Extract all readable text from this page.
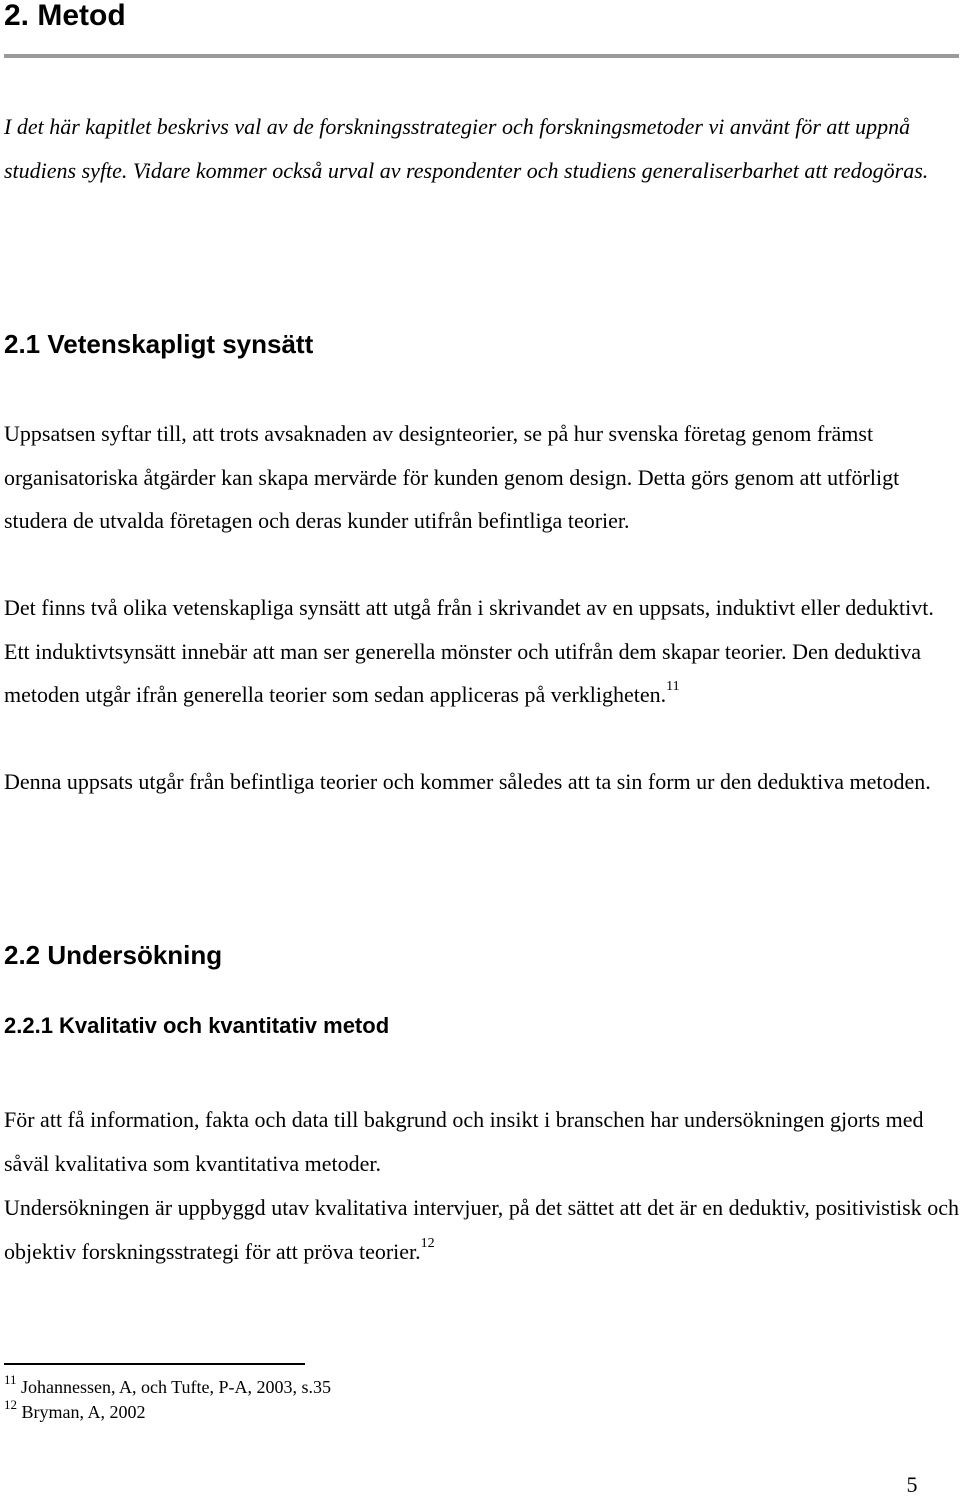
2. Metod

I det här kapitlet beskrivs val av de forskningsstrategier och forskningsmetoder vi använt för att uppnå studiens syfte. Vidare kommer också urval av respondenter och studiens generaliserbarhet att redogöras.

2.1 Vetenskapligt synsätt

Uppsatsen syftar till, att trots avsaknaden av designteorier, se på hur svenska företag genom främst organisatoriska åtgärder kan skapa mervärde för kunden genom design. Detta görs genom att utförligt studera de utvalda företagen och deras kunder utifrån befintliga teorier.

Det finns två olika vetenskapliga synsätt att utgå från i skrivandet av en uppsats, induktivt eller deduktivt. Ett induktivtsynsätt innebär att man ser generella mönster och utifrån dem skapar teorier. Den deduktiva metoden utgår ifrån generella teorier som sedan appliceras på verkligheten.$^{11}$

Denna uppsats utgår från befintliga teorier och kommer således att ta sin form ur den deduktiva metoden.

2.2 Undersökning
2.2.1 Kvalitativ och kvantitativ metod

För att få information, fakta och data till bakgrund och insikt i branschen har undersökningen gjorts med såväl kvalitativa som kvantitativa metoder.

Undersökningen är uppbyggd utav kvalitativa intervjuer, på det sättet att det är en deduktiv, positivistisk och objektiv forskningsstrategi för att pröva teorier.$^{12}$

$^{11}$ Johannessen, A, och Tufte, P-A, 2003, s.35
$^{12}$ Bryman, A, 2002

5
